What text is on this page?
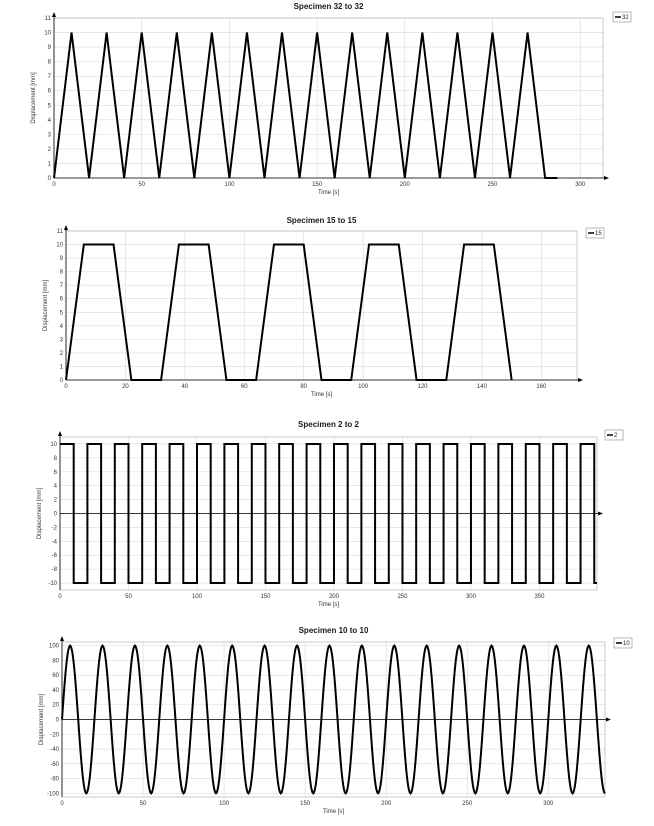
Specimen 32 to 32
0	50	100	150	200	250	300
0
1
2
3
4
5
6
7
8
9
10
11
Time [s]
Displacement [mm]
32
Specimen 15 to 15
0	20	40	60	80	100	120	140	160
0
1
2
3
4
5
6
7
8
9
10
11
Time [s]
Displacement [mm]
15
Specimen 2 to 2
0	50	100	150	200	250	300	350
-10
-8
-6
-4
-2
0
2
4
6
8
10
Time [s]
Displacement [mm]
2
Specimen 10 to 10
0	50	100	150	200	250	300
-100
-80
-60
-40
-20
0
20
40
60
80
100
Time [s]
Displacement [mm]
10
